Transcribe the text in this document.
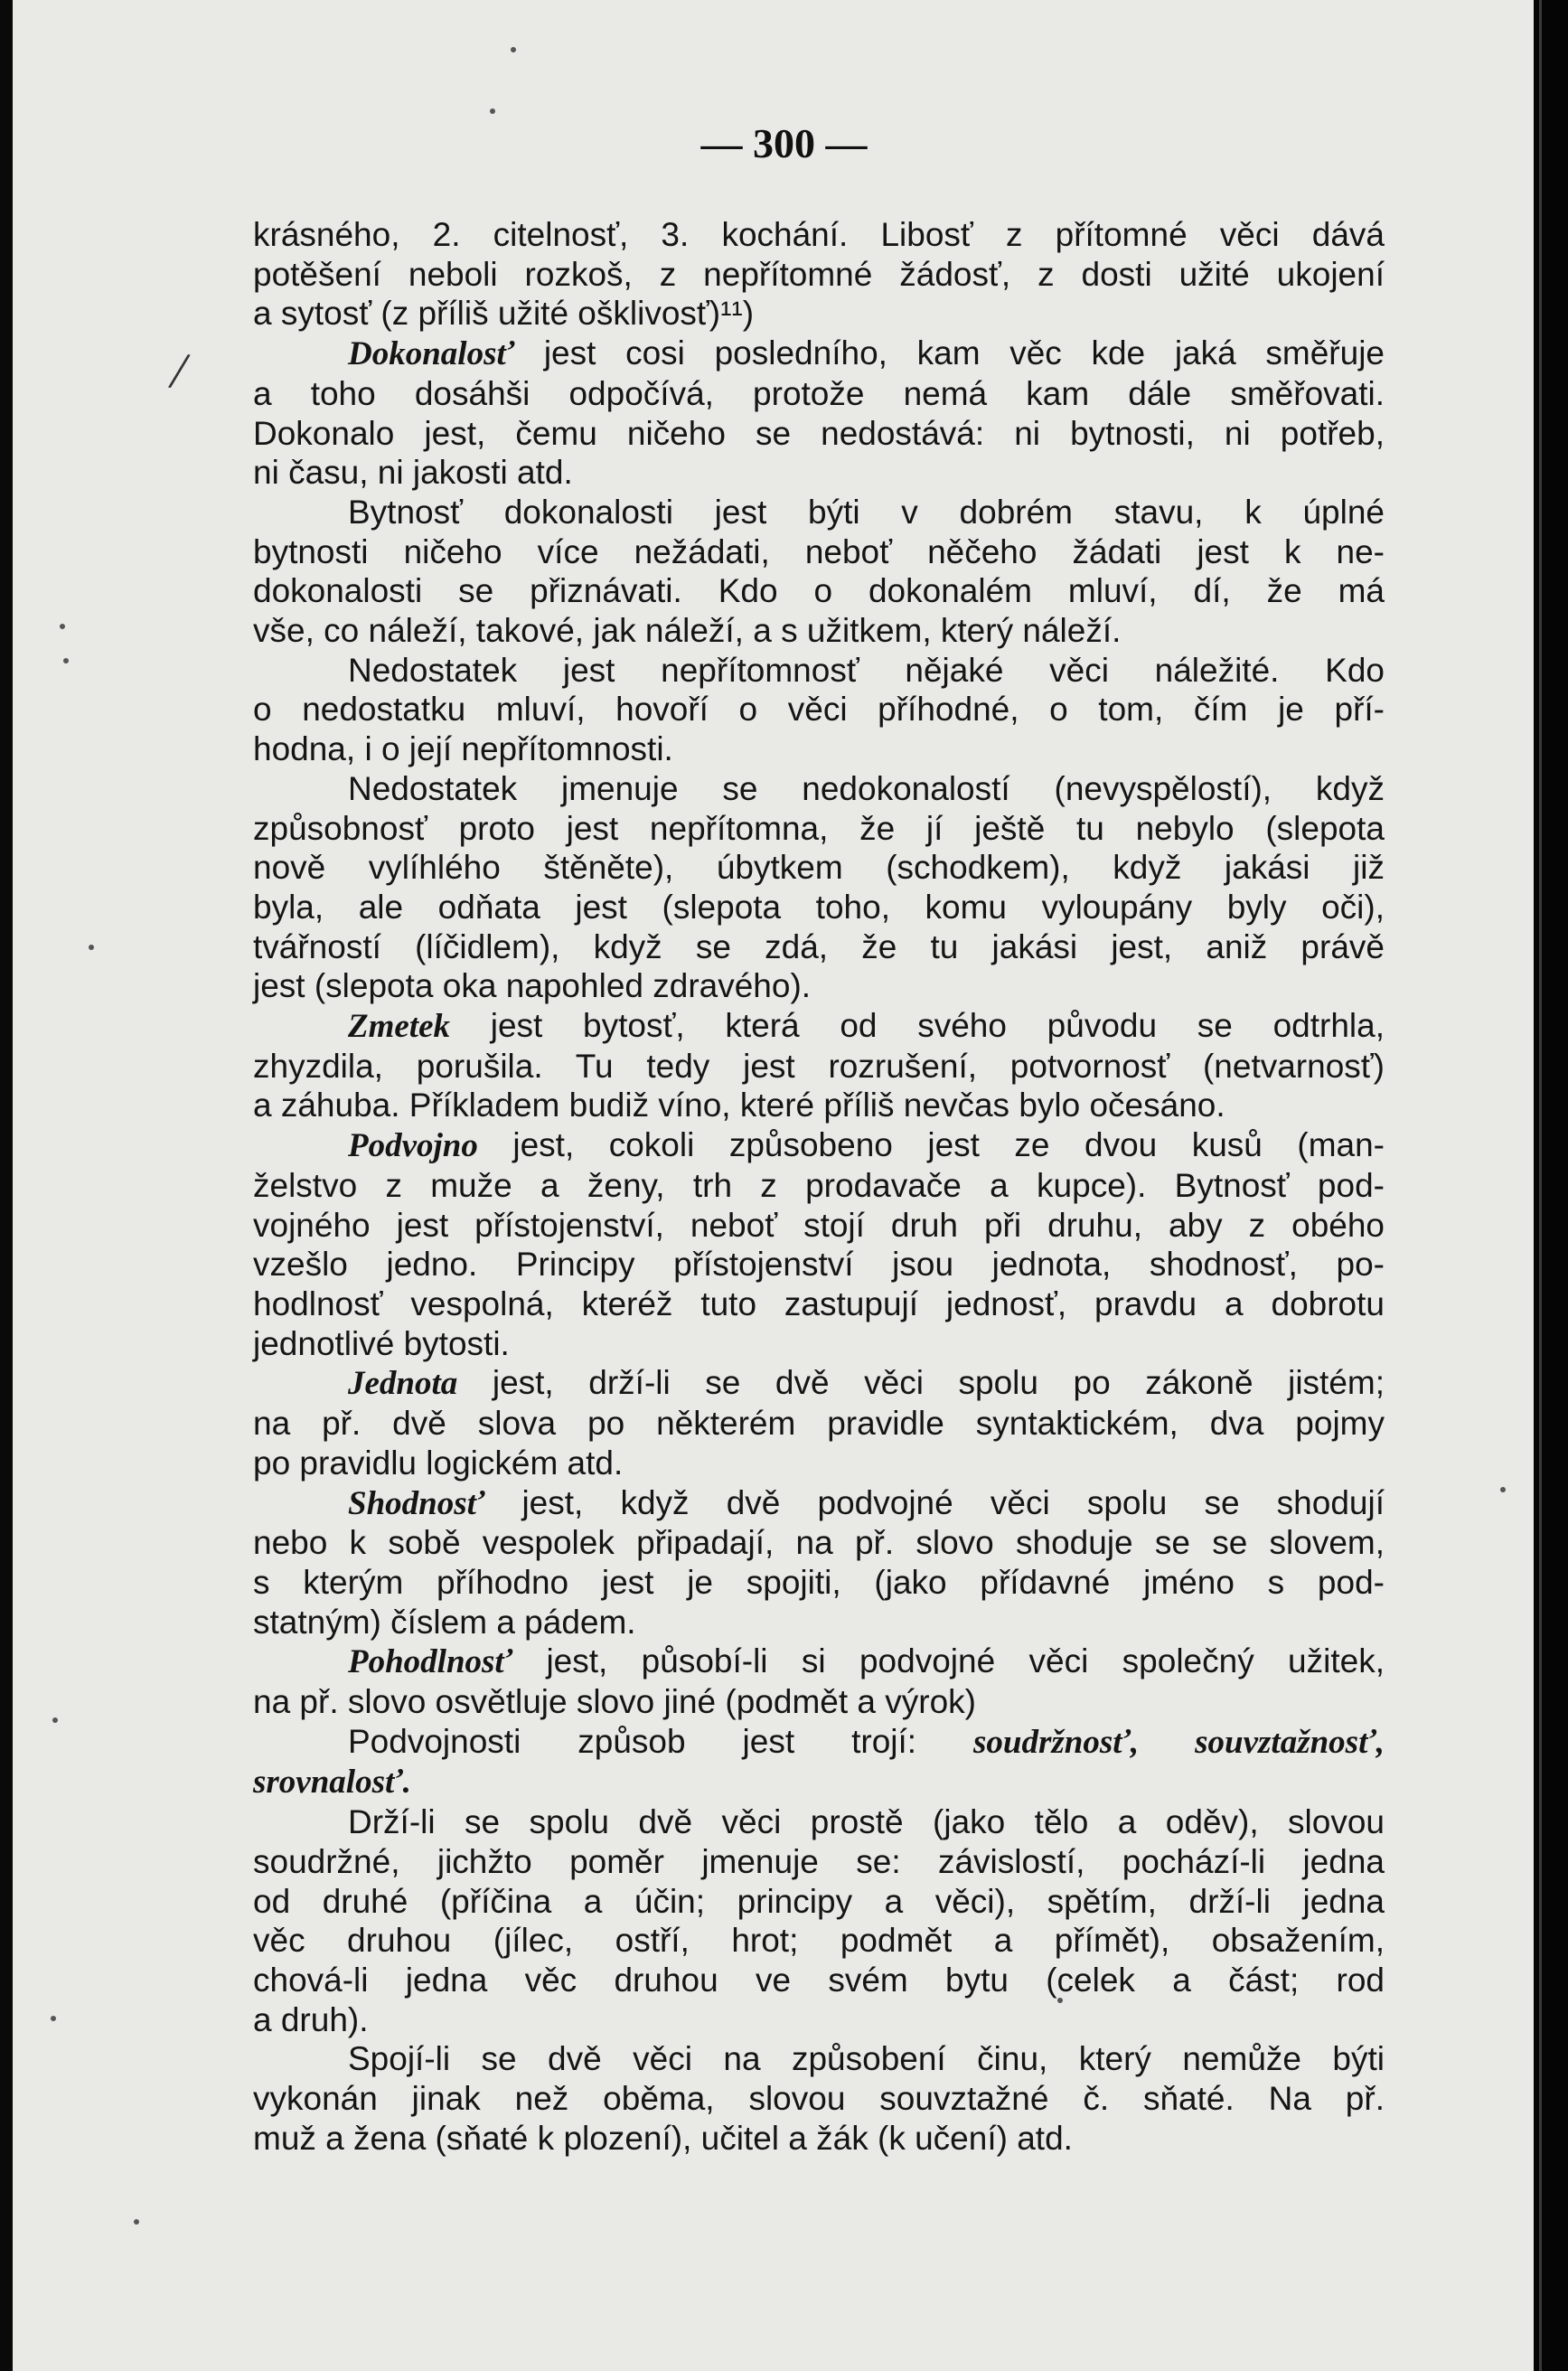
— 300 —
/
krásného, 2. citelnosť, 3. kochání. Libosť z přítomné věci dává
potěšení neboli rozkoš, z nepřítomné žádosť, z dosti užité ukojení
a sytosť (z příliš užité ošklivosť)¹¹)
Dokonalosť jest cosi posledního, kam věc kde jaká směřuje
a toho dosáhši odpočívá, protože nemá kam dále směřovati.
Dokonalo jest, čemu ničeho se nedostává: ni bytnosti, ni potřeb,
ni času, ni jakosti atd.
Bytnosť dokonalosti jest býti v dobrém stavu, k úplné
bytnosti ničeho více nežádati, neboť něčeho žádati jest k ne-
dokonalosti se přiznávati. Kdo o dokonalém mluví, dí, že má
vše, co náleží, takové, jak náleží, a s užitkem, který náleží.
Nedostatek jest nepřítomnosť nějaké věci náležité. Kdo
o nedostatku mluví, hovoří o věci příhodné, o tom, čím je pří-
hodna, i o její nepřítomnosti.
Nedostatek jmenuje se nedokonalostí (nevyspělostí), když
způsobnosť proto jest nepřítomna, že jí ještě tu nebylo (slepota
nově vylíhlého štěněte), úbytkem (schodkem), když jakási již
byla, ale odňata jest (slepota toho, komu vyloupány byly oči),
tvářností (líčidlem), když se zdá, že tu jakási jest, aniž právě
jest (slepota oka napohled zdravého).
Zmetek jest bytosť, která od svého původu se odtrhla,
zhyzdila, porušila. Tu tedy jest rozrušení, potvornosť (netvarnosť)
a záhuba. Příkladem budiž víno, které příliš nevčas bylo očesáno.
Podvojno jest, cokoli způsobeno jest ze dvou kusů (man-
želstvo z muže a ženy, trh z prodavače a kupce). Bytnosť pod-
vojného jest přístojenství, neboť stojí druh při druhu, aby z obého
vzešlo jedno. Principy přístojenství jsou jednota, shodnosť, po-
hodlnosť vespolná, kteréž tuto zastupují jednosť, pravdu a dobrotu
jednotlivé bytosti.
Jednota jest, drží-li se dvě věci spolu po zákoně jistém;
na př. dvě slova po některém pravidle syntaktickém, dva pojmy
po pravidlu logickém atd.
Shodnosť jest, když dvě podvojné věci spolu se shodují
nebo k sobě vespolek připadají, na př. slovo shoduje se se slovem,
s kterým příhodno jest je spojiti, (jako přídavné jméno s pod-
statným) číslem a pádem.
Pohodlnosť jest, působí-li si podvojné věci společný užitek,
na př. slovo osvětluje slovo jiné (podmět a výrok)
Podvojnosti způsob jest trojí: soudržnosť, souvztažnosť,
srovnalosť.
Drží-li se spolu dvě věci prostě (jako tělo a oděv), slovou
soudržné, jichžto poměr jmenuje se: závislostí, pochází-li jedna
od druhé (příčina a účin; principy a věci), spětím, drží-li jedna
věc druhou (jílec, ostří, hrot; podmět a přímět), obsažením,
chová-li jedna věc druhou ve svém bytu (celek a část; rod
a druh).
Spojí-li se dvě věci na způsobení činu, který nemůže býti
vykonán jinak než oběma, slovou souvztažné č. sňaté. Na př.
muž a žena (sňaté k plození), učitel a žák (k učení) atd.
